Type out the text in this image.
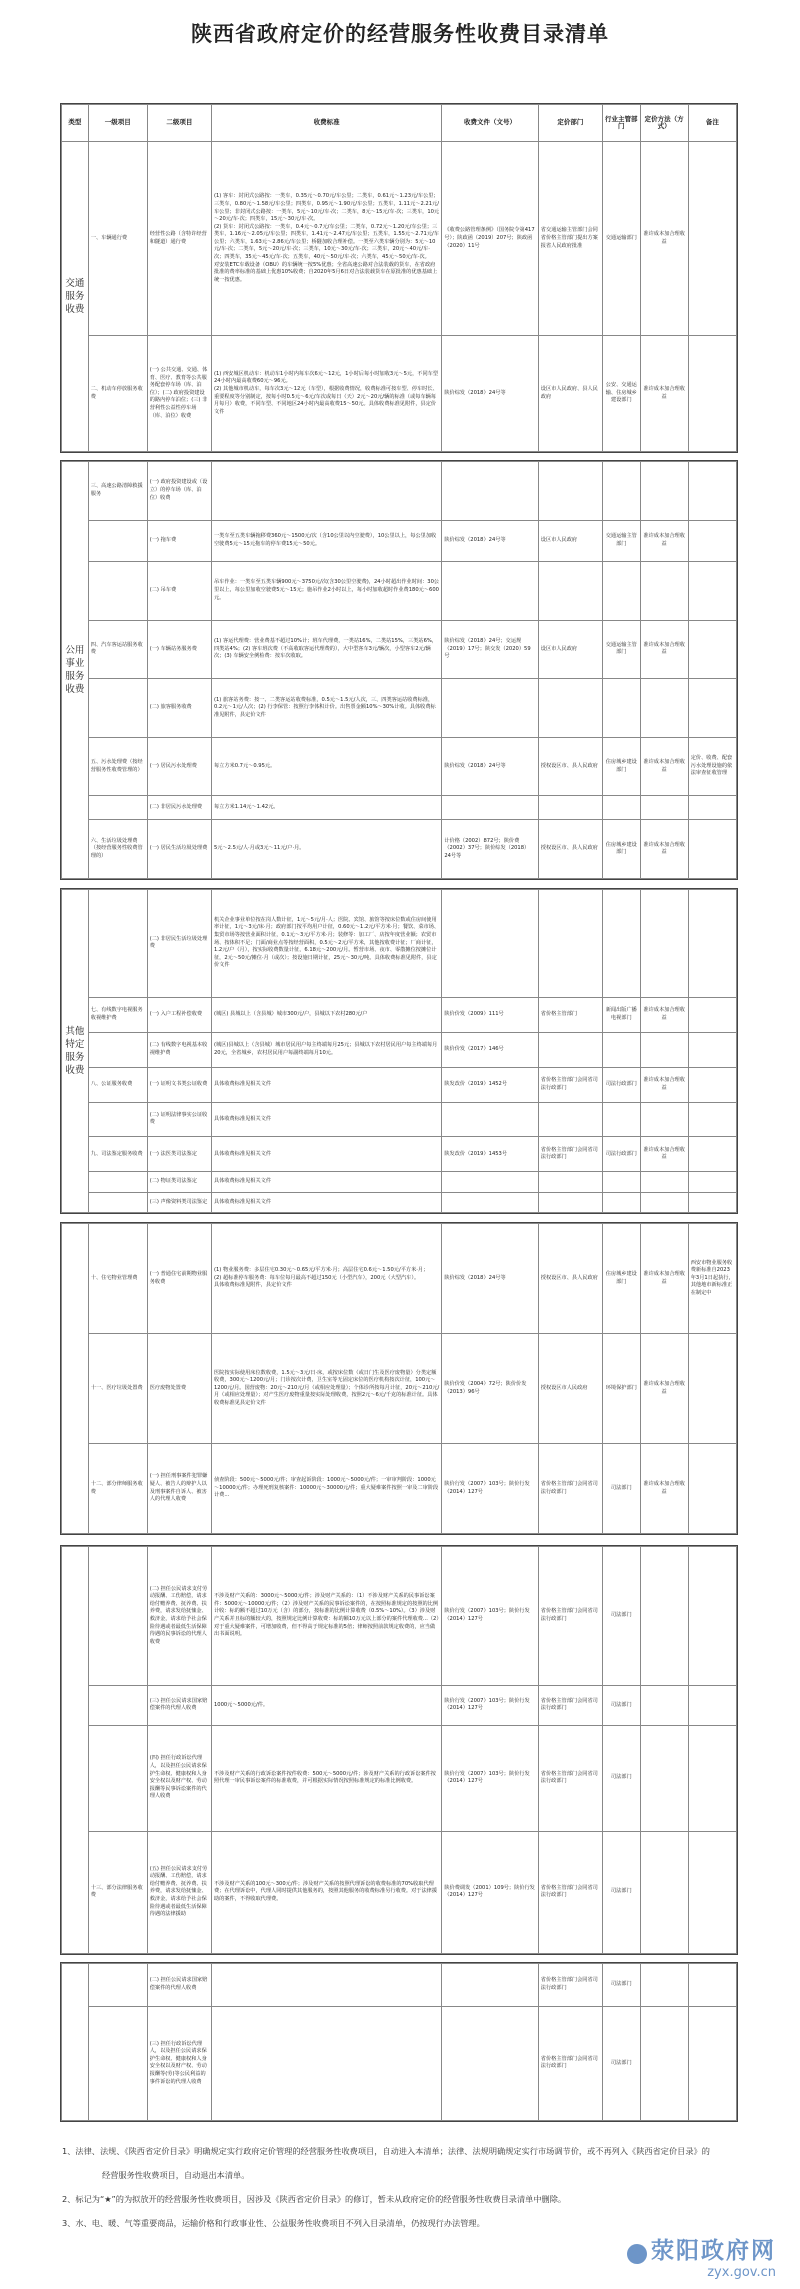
陕西省政府定价的经营服务性收费目录清单
类型	一级项目	二级项目	收费标准	收费文件（文号）	定价部门	行业主管部门	定价方法（方式）	备注
交通服务收费	一、车辆通行费	经营性公路（含特许经营和隧道）通行费	(1) 客车：封闭式公路按：一类车，0.35元～0.70元/车公里；二类车，0.61元～1.23元/车公里；三类车，0.80元～1.58元/车公里；四类车，0.95元～1.90元/车公里；五类车，1.11元～2.21元/车公里；非封闭式公路按：一类车，5元～10元/车·次；二类车，8元～15元/车·次；三类车，10元～20元/车·次；四类车，15元～30元/车·次。
(2) 货车：封闭式公路按：一类车，0.4元～0.7元/车公里；二类车，0.72元～1.20元/车公里；三类车，1.16元～2.05元/车公里；四类车，1.41元～2.47元/车公里；五类车，1.55元～2.71元/车公里；六类车，1.63元～2.86元/车公里；桥隧加收合理补偿。一类至六类车辆分别为：5元～10元/车·次；二类车，5元～20元/车·次；三类车，10元～30元/车·次；三类车，20元～40元/车·次；四类车，35元～45元/车·次；五类车，40元～50元/车·次；六类车，45元～50元/车·次。
对安装ETC车载设备（OBU）的车辆统一按5%优惠；全省高速公路对合法装载的货车，在省政府批准的费率标准的基础上优惠10%收费；自2020年5月6日对合法装载货车在原批准的优惠基础上统一按优惠。	《收费公路管理条例》（国务院令第417号）；陕政函（2019）207号；陕政函（2020）11号	省交通运输主管部门会同省价格主管部门提出方案报省人民政府批准	交通运输部门	准许成本加合理收益	
	二、机动车停放服务收费	(一) 公共交通、交通、体育、医疗、教育等公共服务配套停车场（库、泊位）；(二) 政府投资建设的路内停车泊位；(三) 非营利性公益性停车场（库、泊位）收费	(1) 西安城区机动车：机动车1小时内每车次6元～12元，1小时后每小时加收3元～5元，不同车型24小时内最高收费60元～96元。
(2) 其他城市机动车，每车次3元～12元（车型），根据收费情况，收费标准可按车型、停车时长、重要程度等分别制定，按每小时0.5元～6元/车次或每日（天）2元～20元/辆的标准（或每车辆每月每月）收费，不同车型、不同地区24小时内最高收费15～50元。具体收费标准见附件，县定价文件	陕价综发（2018）24号等	设区市人民政府、县人民政府	公安、交通运输、住房城乡建设部门	准许成本加合理收益	
公用事业服务收费	三、高速公路清障救援服务	(一) 政府投资建设或（设立）的停车场（库、泊位）收费						
		(一) 拖车费	一类车至五类车辆拖移费360元～1500元/次（含10公里以内空驶费），10公里以上，每公里加收空驶费5元～15元拖车的停车费15元～50元。	陕价综发（2018）24号等	设区市人民政府	交通运输主管部门	准许成本加合理收益	
		(二) 吊车费	吊车作业：一类车至五类车辆900元～3750元/次(含30公里空驶费)，24小时超出作业时间：30公里以上，每公里加收空驶费5元～15元；施吊作业2小时以上，每小时加收超时作业费180元～600元。					
	四、汽车客运站服务收费	(一) 车辆站务服务费	(1) 客运代理费：营业费基不超过10%计；班车代理费，一类站16%，二类站15%，三类站6%，四类站4%；(2) 客车班次费（不高收取客运代理费的），大中型客车3元/辆次，小型客车2元/辆次；(3) 车辆安全例检费：按车次收取。	陕价综发（2018）24号；交运规（2019）17号；陕交发（2020）59号	设区市人民政府	交通运输主管部门	准许成本加合理收益	
		(二) 旅客服务收费	(1) 旅客站务费：按一、二类客运站收费标准，0.5元～1.5元/人次，三、四类客运站收费标准，0.2元～1元/人次；(2) 行李保管：按照行李体积计价。出售票金额10%～30%计收。具体收费标准见附件，县定价文件					
	五、污水处理费（按经营服务性收费管理的）	(一) 居民污水处理费	每立方米0.7元～0.95元。	陕价综发（2018）24号等	授权设区市、县人民政府	住房城乡建设部门	准许成本加合理收益	定价、收费、配套污水处理设施的依法审查征收管理
		(二) 非居民污水处理费	每立方米1.14元～1.42元。					
	六、生活垃圾处理费（按经营服务性收费管理的）	(一) 居民生活垃圾处理费	5元～2.5元/人·月或3元～11元/户·月。	计价格（2002）872号；陕价费（2002）37号；陕价综发（2018）24号等	授权设区市、县人民政府	住房城乡建设部门	准许成本加合理收益	
其他特定服务收费		(二) 非居民生活垃圾处理费	机关企业事业单位按在岗人数计征，1元～5元/月·人；医院、宾馆、旅馆等按床位数或住房间使用率计征，1元～3元/床·月；政府部门按平均用户计征，0.60元～1.2元/平方米·月；餐饮、菜市场、集贸市场等按营业面积计征，0.1元～3元/平方米·月；装修等：加工厂、店按年度营业额；农贸市场、按体积不足；门面/商业点等按经营面积，0.5元～2元/平方米，其他按收费计征；厂商计征，1.2元/户（月），按实际收费数量计征，6.18元～200元/月。暂营市场、夜市、零散摊位按摊位计征，2元～50元/摊位·月（或次）；按设施日期计征，25元～30元/吨。具体收费标准见附件，县定价文件					
	七、有线数字电视服务收视维护费	(一) 入户工程补偿收费	(城区) 县城以上（含县城）城市300元/户，县城以下农村280元/户	陕价价发（2009）111号	省价格主管部门	新闻出版广播电视部门	准许成本加合理收益	
		(二) 有线数字电视基本收视维护费	(城区)县城以上（含县城）城市居民用户每主终端每月25元；县城以下农村居民用户每主终端每月20元，全省城乡，农村居民用户每副终端每月10元。	陕价价发（2017）146号				
	八、公证服务收费	(一) 证明文书类公证收费	具体收费标准见相关文件	陕发改价（2019）1452号	省价格主管部门会同省司法行政部门	司法行政部门	准许成本加合理收益	
		(二) 证明法律事实公证收费	具体收费标准见相关文件					
	九、司法鉴定服务收费	(一) 法医类司法鉴定	具体收费标准见相关文件	陕发改价（2019）1453号	省价格主管部门会同省司法行政部门	司法行政部门	准许成本加合理收益	
		(二) 物证类司法鉴定	具体收费标准见相关文件					
		(三) 声像资料类司法鉴定	具体收费标准见相关文件					
	十、住宅物业管理费	(一) 普通住宅前期物业服务收费	(1) 物业服务费：多层住宅0.30元～0.65元/平方米·月；高层住宅0.6元～1.50元/平方米·月；
(2) 超标准停车服务费：每车位每月最高不超过150元（小型汽车），200元（大型汽车）。
具体收费标准见附件，县定价文件	陕价综发（2018）24号等	授权设区市、县人民政府	住房城乡建设部门	准许成本加合理收益	西安市物业服务收费新标准自2023年3月1日起执行，其他地市新标准正在制定中
	十一、医疗垃圾处置费	医疗废物处置费	医院按实际使用床位数收费，1.5元～3元/日·床，或按床位数（或日门生及医疗废物量）分类定额收费，300元～1200元/月；门诊按次计费，卫生室等无固定床位的医疗机构按次计征，100元～1200元/月。国营废物：20元～210元/月（或相应处理量）；个体诊所按每月计征，20元～210元/月（或相应处理量）；对产生医疗废物重量按实际处理收费，按照2元～6元/千克的标准计征。具体收费标准见县定价文件	陕价价发（2004）72号；陕价价发（2013）96号	授权设区市人民政府	环境保护部门	准许成本加合理收益	
	十二、部分律师服务收费	(一) 担任刑事案件犯罪嫌疑人、被告人的辩护人以及刑事案件自诉人、被害人的代理人收费	侦查阶段：500元～5000元/件；审查起诉阶段：1000元～5000元/件；一审审判阶段：1000元～10000元/件；办理死刑复核案件：10000元～30000元/件；重大疑难案件按照一审及二审阶段计费...	陕价行发（2007）103号；陕价行发（2014）127号	省价格主管部门会同省司法行政部门	司法部门	准许成本加合理收益	
		(二) 担任公民请求支付劳动报酬、工伤赔偿，请求给付赡养费、抚养费、扶养费，请求发给抚恤金、救济金，请求给予社会保险待遇或者最低生活保障待遇的民事诉讼的代理人收费	不涉及财产关系的：3000元～5000元/件；涉及财产关系的：（1）不涉及财产关系的民事诉讼案件：5000元～10000元/件；（2）涉及财产关系的民事诉讼案件的，在按照标准规定的按照的比例计收：标的额不超过10万元（含）的部分，按标准的比例计算收费（0.5%～10%）。（3）涉及财产关系并且标的额较大的，按照规定比例计算收费：标的额10万元以上部分的案件代理收费...（2）对于重大疑难案件，可增加收费，但不得高于规定标准的5倍；律师按照前款规定收费的，应当做出书面说明。	陕价行发（2007）103号；陕价行发（2014）127号	省价格主管部门会同省司法行政部门	司法部门		
		(三) 担任公民请求国家赔偿案件的代理人收费	1000元～5000元/件。	陕价行发（2007）103号；陕价行发（2014）127号	省价格主管部门会同省司法行政部门	司法部门		
		(四) 担任行政诉讼代理人，以及担任公民请求保护生命权、健康权和人身安全权以及财产权、劳动报酬等民事诉讼案件的代理人收费	不涉及财产关系的行政诉讼案件按件收费：500元～5000元/件；涉及财产关系的行政诉讼案件按照代理一审民事诉讼案件的标准收费，并可根据实际情况按照标准规定的标准比例收费。	陕价行发（2007）103号；陕价行发（2014）127号	省价格主管部门会同省司法行政部门	司法部门		
	十三、部分法律服务收费	(五) 担任公民请求支付劳动报酬、工伤赔偿，请求给付赡养费、抚养费、扶养费，请求发给抚恤金、救济金，请求给予社会保险待遇或者最低生活保障待遇的法律援助	不涉及财产关系的100元～300元/件；涉及财产关系的按照代理诉讼的收费标准的70%收取代理费；在代理诉讼中，代理人同时提供其他服务的，按照其他服务的收费标准另行收费。对于法律援助的案件，不得收取代理费。	陕价费调发（2001）109号；陕价行发（2014）127号	省价格主管部门会同省司法行政部门	司法部门		
		(二) 担任公民请求国家赔偿案件的代理人收费			省价格主管部门会同省司法行政部门	司法部门		
		(三) 担任行政诉讼代理人，以及担任公民请求保护生命权、健康权和人身安全权以及财产权、劳动报酬等(劳)等公民利益的事件诉讼的代理人收费			省价格主管部门会同省司法行政部门	司法部门		

1、法律、法规、《陕西省定价目录》明确规定实行政府定价管理的经营服务性收费项目，自动进入本清单；法律、法规明确规定实行市场调节价，或不再列入《陕西省定价目录》的

经营服务性收费项目，自动退出本清单。

2、标记为“★”的为拟放开的经营服务性收费项目，因涉及《陕西省定价目录》的修订，暂未从政府定价的经营服务性收费目录清单中删除。

3、水、电、暖、气等重要商品，运输价格和行政事业性、公益服务性收费项目不列入目录清单，仍按现行办法管理。

荥阳政府网
zyx.gov.cn
